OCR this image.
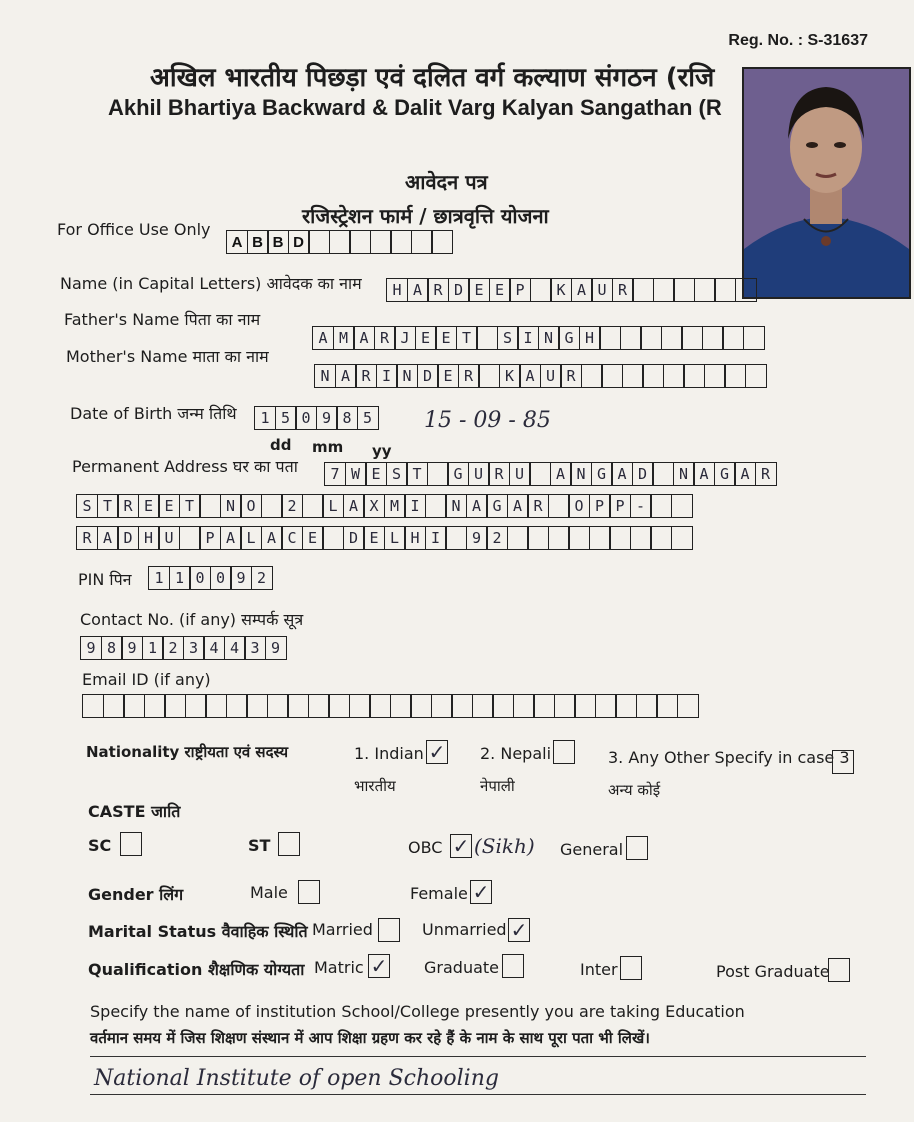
Reg. No. : S-31637
अखिल भारतीय पिछड़ा एवं दलित वर्ग कल्याण संगठन (रजि
Akhil Bhartiya Backward & Dalit Varg Kalyan Sangathan (R
आवेदन पत्र
रजिस्ट्रेशन फार्म / छात्रवृत्ति योजना
For Office Use Only
A B B D
Name (in Capital Letters) आवेदक का नाम	H A R D E E P	K A U R
Father's Name पिता का नाम
A M A R J E E T	S I N G H
Mother's Name माता का नाम
N A R I N D E R	K A U R
Date of Birth जन्म तिथि	1 5 0 9 8 5
dd mm yy
15 - 09 - 85
Permanent Address घर का पता	7 W E S T	G U R U	A N G A D	N A G A R
S T R E E T	N O	2	L A X M I	N A G A R	O P P -
R A D H U	P A L A C E	D E L H I	9 2
PIN पिन	1 1 0 0 9 2
Contact No. (if any) सम्पर्क सूत्र
9 8 9 1 2 3 4 4 3 9
Email ID (if any)
Nationality राष्ट्रीयता एवं सदस्य	1. Indian ✓
भारतीय
2. Nepali
नेपाली
3. Any Other Specify in case 3
अन्य कोई
CASTE जाति
SC	ST	OBC ✓ (Sikh) General
Gender लिंग	Male	Female ✓
Marital Status वैवाहिक स्थिति Married	Unmarried ✓
Qualification शैक्षणिक योग्यता Matric ✓ Graduate	Inter	Post Graduate
Specify the name of institution School/College presently you are taking Education
वर्तमान समय में जिस शिक्षण संस्थान में आप शिक्षा ग्रहण कर रहे हैं के नाम के साथ पूरा पता भी लिखें।
National Institute of open Schooling
